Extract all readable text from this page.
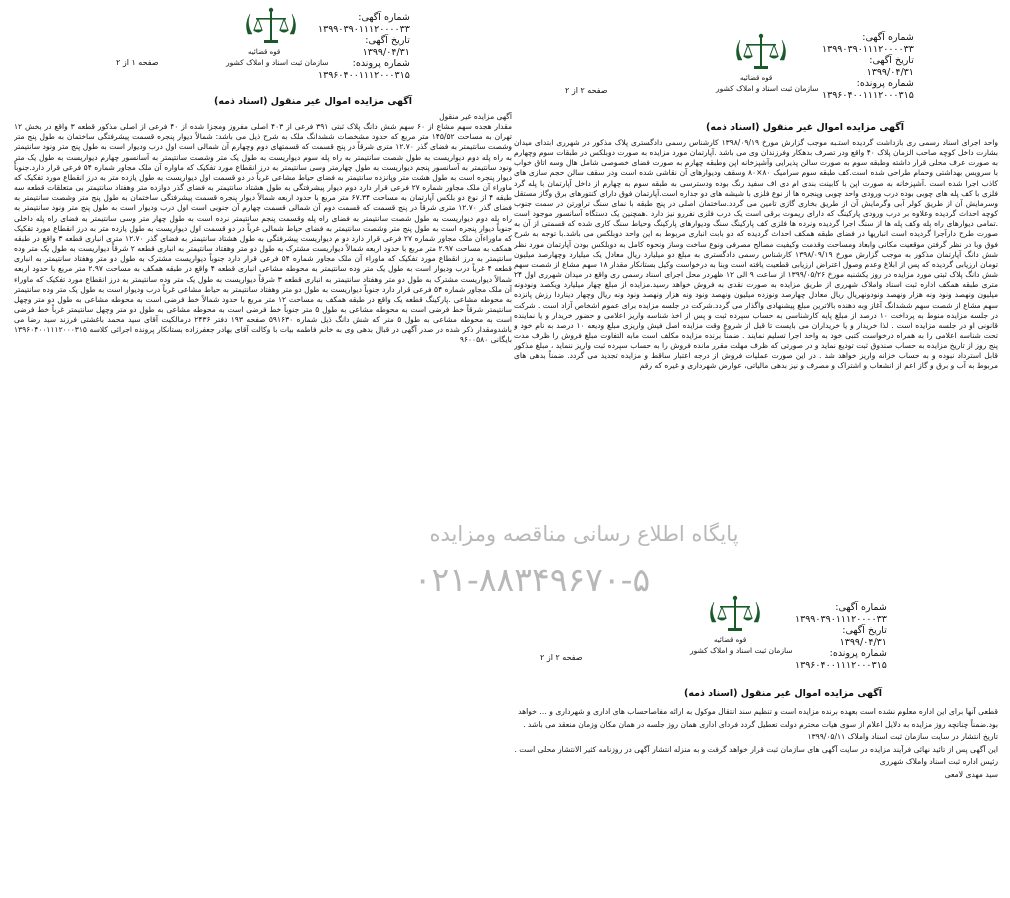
شماره آگهی: ۱۳۹۹۰۳۹۰۱۱۱۲۰۰۰۰۳۳
تاریخ آگهی: ۱۳۹۹/۰۴/۳۱
شماره پرونده: ۱۳۹۶۰۴۰۰۱۱۱۲۰۰۰۳۱۵
قوه قضائیه
سازمان ثبت اسناد و املاک کشور
صفحه ۱ از ۲
آگهی مزایده اموال غیر منقول (اسناد ذمه)

آگهی مزایده غیر منقول

مقدار هجده سهم مشاع از ۶۰ سهم شش دانگ پلاک ثبتی ۳۹۱ فرعی از ۴۰۳ اصلی مفروز ومجزا شده از ۴۰ فرعی از اصلی مذکور قطعه ۳ واقع در بخش ۱۲ تهران به مساحت ۱۴۵/۵۲ متر مربع که حدود مشخصات ششدانگ ملک به شرح ذیل می باشد: شمالاً دیوار پنجره قسمت پیشرفتگی ساختمان به طول پنج متر وشصت سانتیمتر به فضای گذر ۱۲.۷۰ متری شرقاً در پنج قسمت که قسمتهای دوم وچهارم آن شمالی است اول درب ودیوار است به طول پنج متر ونود سانتیمتر به راه پله دوم دیواریست به طول شصت سانتیمتر به راه پله سوم دیواریست به طول یک متر وشصت سانتیمتر به آسانسور چهارم دیواریست به طول یک متر ونود سانتیمتر به آسانسور پنجم دیواریست به طول چهارمتر وسی سانتیمتر به درز انقطاع مورد تفکیک که ماواره آن ملک مجاور شماره ۵۴ فرعی قرار دارد.جنوباً دیوار پنجره است به طول هشت متر وپانزده سانتیمتر به فضای حیاط مشاعی غرباً در دو قسمت اول دیواریست به طول یازده متر به درز انقطاع مورد تفکیک که ماوراء آن ملک مجاور شماره ۲۷ فرعی قرار دارد دوم دیوار پیشرفتگی به طول هشتاد سانتیمتر به فضای گذر دوازده متر وهفتاد سانتیمتر بی متعلقات قطعه سه طبقه ۴ از نوع دو بلکس آپارتمان به مساحت ۶۷.۳۴ متر مربع با حدود اربعه شمالاً دیوار پنجره قسمت پیشرفتگی ساختمان به طول پنج متر وشصت سانتیمتر به فضای گذر ۱۲.۷۰ متری شرقاً در پنج قسمت که قسمت دوم آن شمالی قسمت چهارم آن جنوبی است اول درب ودیوار است به طول پنج متر ونود سانتیمتر به راه پله دوم دیواریست به طول شصت سانتیمتر به فضای راه پله وقسمت پنجم سانتیمتر نرده است به طول چهار متر وسی سانتیمتر به فضای راه پله داخلی جنوباً دیوار پنجره است به طول پنج متر وشصت سانتیمتر به فضای حیاط شمالی غرباً در دو قسمت اول دیواریست به طول یازده متر به درز انقطاع مورد تفکیک که ماوراءآن ملک مجاور شماره ۲۷ فرعی قرار دارد دو م دیواریست پیشرفتگی به طول هشتاد سانتیمتر به فضای گذر ۱۲.۷۰ متری انباری قطعه ۳ واقع در طبقه همکف به مساحت ۲.۹۷ متر مربع با حدود اربعه شمالاً دیواریست مشترک به طول دو متر وهفتاد سانتیمتر به انباری قطعه ۲ شرقاً دیواریست به طول یک متر وده سانتیمتر به درز انقطاع مورد تفکیک که ماوراء آن ملک مجاور شماره ۵۴ فرعی قرار دارد جنوباً دیواریست مشترک به طول دو متر وهفتاد سانتیمتر به انباری قطعه ۴ غرباً درب ودیوار است به طول یک متر وده سانتیمتر به محوطه مشاعی انباری قطعه ۴ واقع در طبقه همکف به مساحت ۲.۹۷ متر مربع با حدود اربعه شمالاً دیواریست مشترک به طول دو متر وهفتاد سانتیمتر به انباری قطعه ۳ شرقاً دیواریست به طول یک متر وده سانتیمتر به درز انقطاع مورد تفکیک که ماوراء آن ملک مجاور شماره ۵۴ فرعی قرار دارد جنوباً دیواریست به طول دو متر وهفتاد سانتیمتر به حیاط مشاعی غرباً درب ودیوار است به طول یک متر وده سانتیمتر به محوطه مشاعی .پارکینگ قطعه یک واقع در طبقه همکف به مساحت ۱۲ متر مربع با حدود شمالاً خط فرضی است به محوطه مشاعی به طول دو متر وچهل سانتیمتر شرقاً خط فرضی است به محوطه مشاعی به طول ۵ متر جنوباً خط فرضی است به محوطه مشاعی به طول دو متر وچهل سانتیمتر غرباً خط فرضی است به محوطه مشاعی به طول ۵ متر که شش دانگ ذیل شماره ۵۹۱۶۳۰ صفحه ۱۹۳ دفتر ۲۴۳۶ درمالکیت آقای سید محمد باغشتی فرزند سید رضا می باشدومقدار ذکر شده در صدر آگهی در قبال بدهی وی به خانم فاطمه بیات با وکالت آقای بهادر جعفرزاده بستانکار پرونده اجرائی کلاسه ۱۳۹۶۰۴۰۰۱۱۱۲۰۰۰۳۱۵ بایگانی ۹۶۰۰۵۸۰

شماره آگهی: ۱۳۹۹۰۳۹۰۱۱۱۲۰۰۰۰۳۳
تاریخ آگهی: ۱۳۹۹/۰۴/۳۱
شماره پرونده: ۱۳۹۶۰۴۰۰۱۱۱۲۰۰۰۳۱۵
قوه قضائیه
سازمان ثبت اسناد و املاک کشور
صفحه ۲ از ۲
آگهی مزایده اموال غیر منقول (اسناد ذمه)

واحد اجرای اسناد رسمی ری بازداشت گردیده استـبه موجب گزارش مورخ ۱۳۹۸/۰۹/۱۹ کارشناس رسمی دادگستری پلاک مذکور در شهرری ابتدای میدان بشارت داخل کوچه صاحب الزمان پلاک ۴۰ واقع ودر تصرف بدهکار وفرزندان وی می باشد .آپارتمان مورد مزایده به صورت دوبلکس در طبقات سوم وچهارم به صورت عرف محلی قرار داشته وطبقه سوم به صورت سالن پذیرایی وآشپزخانه اپن وطبقه چهارم به صورت فضای خصوصی شامل هال وسه اتاق خواب با سرویس بهداشتی وحمام طراحی شده است.کف طبقه سوم سرامیک ۸۰×۸۰ وسقف ودیوارهای آن نقاشی شده است ودر سقف سالن حجم سازی های کاذب اجرا شده است .آشپزخانه به صورت اپن با کابینت بندی ام دی اف سفید رنگ بوده ودسترسی به طبقه سوم به چهارم از داخل آپارتمان با پله گرد فلزی با کف پله های چوبی بوده درب ورودی واحد چوبی وپنجره ها از نوع فلزی با شیشه های دو جداره است.آپارتمان فوق دارای کنتورهای برق وگاز مستقل وسرمایش آن از طریق کولر آبی وگرمایش آن از طریق بخاری گازی تامین می گردد.ساختمان اصلی در پنج طبقه با نمای سنگ تراورتن در سمت جنوب کوچه احداث گردیده وعلاوه بر درب ورودی پارکینگ که دارای ریموت برقی است یک درب فلزی نفررو نیز دارد .همچنین یک دستگاه آسانسور موجود است .تمامی دیوارهای راه پله وکف پله ها از سنگ اجرا گردیده ونرده ها فلزی کف پارکینگ سنگ ودیوارهای پارکینگ وحیاط سنگ کاری شده که قسمتی از آن به صورت طرح دارآجرا گردیده است انباریها در فضای طبقه همکف احداث گردیده که دو بابت انباری مربوط به این واحد دوبلکس می باشد.با توجه به شرح فوق وبا در نظر گرفتن موقعیت مکانی وابعاد ومساحت وقدمت وکیفیت مصالح مصرفی ونوع ساخت وساز ونحوه کامل به دوبلکس بودن آپارتمان مورد نظر شش دانگ آپارتمان مذکور به موجب گزارش مورخ ۱۳۹۸/۰۹/۱۹ کارشناس رسمی دادگستری به مبلغ دو میلیارد ریال معادل یک میلیارد وچهارصد میلیون تومان ارزیابی گردیده که پس از ابلاغ وعدم وصول اعتراض ارزیابی قطعیت یافته است وبنا به درخواست وکیل بستانکار مقدار ۱۸ سهم مشاع از شصت سهم شش دانگ پلاک ثبتی مورد مزایده در روز یکشنبه مورخ ۱۳۹۹/۰۵/۲۶ از ساعت ۹ الی ۱۲ ظهردر محل اجرای اسناد رسمی ری واقع در میدان شهرری اول ۲۴ متری طبقه همکف اداره ثبت اسناد واملاک شهرری از طریق مزایده به صورت نقدی به فروش خواهد رسید.مزایده از مبلغ چهار میلیارد ویکصد ونودونه میلیون ونهصد ونود ونه هزار ونهصد ونودونهریال ریال معادل چهارصد ونوزده میلیون ونهصد ونود ونه هزار ونهصد ونود ونه ریال وچهار دیناردا رزش پانزده سهم مشاع از شصت سهم ششدانگ آغاز وبه دهنده بالاترین مبلغ پیشنهادی واگذار می گردد.شرکت در جلسه مزایده برای عموم اشخاص آزاد است . شرکت در جلسه مزایده منوط به پرداخت ۱۰ درصد از مبلغ پایه کارشناسی به حساب سپرده ثبت و پس از اخذ شناسه واریز اعلامی و حضور خریدار و یا نماینده قانونی او در جلسه مزایده است . لذا خریدار و یا خریداران می بایست تا قبل از شروع وقت مزایده اصل فیش واریزی مبلغ ودیعه ۱۰ درصد به نام خود و تحت شناسه اعلامی را به همراه درخواست کتبی خود به واحد اجرا تسلیم نمایند . ضمناً برنده مزایده مکلف است مابه التفاوت مبلغ فروش را ظرف مدت پنج روز از تاریخ مزایده به حساب صندوق ثبت تودیع نماید و در صورتی که ظرف مهلت مقرر مانده فروش را به حساب سپرده ثبت واریز ننماید ، مبلغ مذکور قابل استرداد نبوده و به حساب خزانه واریز خواهد شد . در این صورت عملیات فروش از درجه اعتبار ساقط و مزایده تجدید می گردد. ضمناً بدهی های مربوط به آب و برق و گاز اعم از انشعاب و اشتراک و مصرف و نیز بدهی مالیاتی، عوارض شهرداری و غیره که رقم

پایگاه اطلاع رسانی مناقصه ومزایده
۰۲۱-۸۸۳۴۹۶۷۰-۵
شماره آگهی: ۱۳۹۹۰۳۹۰۱۱۱۲۰۰۰۰۳۳
تاریخ آگهی: ۱۳۹۹/۰۴/۳۱
شماره پرونده: ۱۳۹۶۰۴۰۰۱۱۱۲۰۰۰۳۱۵
قوه قضائیه
سازمان ثبت اسناد و املاک کشور
صفحه ۲ از ۲
آگهی مزایده اموال غیر منقول (اسناد ذمه)

قطعی آنها برای این اداره معلوم نشده است بعهده برنده مزایده است و تنظیم سند انتقال موکول به ارائه مفاصاحساب های اداری و شهرداری و … خواهد بود.ضمناً چنانچه روز مزایده به دلایل اعلام از سوی هیات محترم دولت تعطیل گردد فردای اداری همان روز جلسه در همان مکان وزمان منعقد می باشد .

تاریخ انتشار در سایت سازمان ثبت اسناد واملاک ۱۳۹۹/۰۵/۱۱

این آگهی پس از تائید نهائی فرآیند مزایده در سایت آگهی های سازمان ثبت قرار خواهد گرفت و به منزله انتشار آگهی در روزنامه کثیر الانتشار محلی است .

رئیس اداره ثبت اسناد واملاک شهرری

سید مهدی لامعی
